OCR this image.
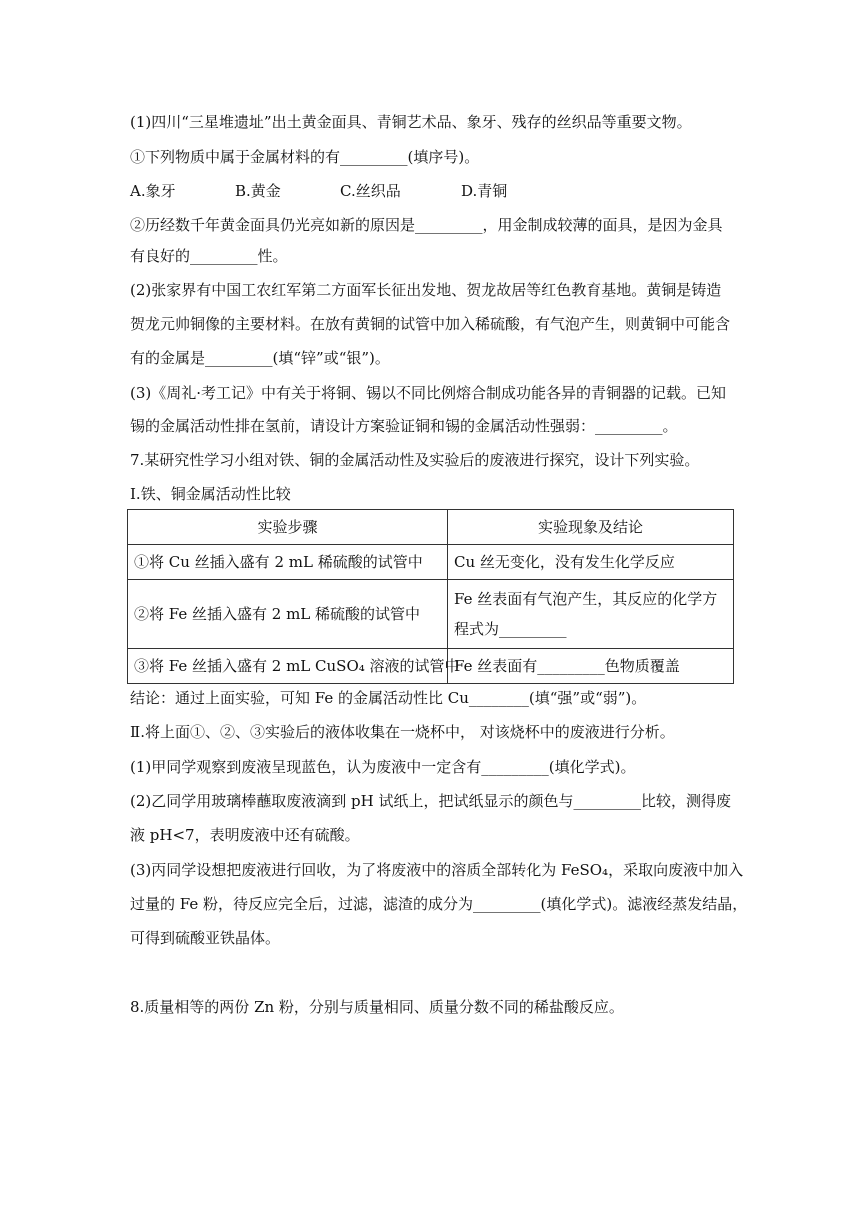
(1)四川“三星堆遗址”出土黄金面具、青铜艺术品、象牙、残存的丝织品等重要文物。
①下列物质中属于金属材料的有_________(填序号)。
A.象牙	B.黄金	C.丝织品	D.青铜
②历经数千年黄金面具仍光亮如新的原因是_________，用金制成较薄的面具，是因为金具
有良好的_________性。
(2)张家界有中国工农红军第二方面军长征出发地、贺龙故居等红色教育基地。黄铜是铸造
贺龙元帅铜像的主要材料。在放有黄铜的试管中加入稀硫酸，有气泡产生，则黄铜中可能含
有的金属是_________(填“锌”或“银”)。
(3)《周礼·考工记》中有关于将铜、锡以不同比例熔合制成功能各异的青铜器的记载。已知
锡的金属活动性排在氢前，请设计方案验证铜和锡的金属活动性强弱：_________。
7.某研究性学习小组对铁、铜的金属活动性及实验后的废液进行探究，设计下列实验。
Ⅰ.铁、铜金属活动性比较
实验步骤	实验现象及结论
①将 Cu 丝插入盛有 2 mL 稀硫酸的试管中	Cu 丝无变化，没有发生化学反应
②将 Fe 丝插入盛有 2 mL 稀硫酸的试管中	Fe 丝表面有气泡产生，其反应的化学方程式为_________
③将 Fe 丝插入盛有 2 mL CuSO₄ 溶液的试管中	Fe 丝表面有_________色物质覆盖
结论：通过上面实验，可知 Fe 的金属活动性比 Cu________(填“强”或“弱”)。
Ⅱ.将上面①、②、③实验后的液体收集在一烧杯中， 对该烧杯中的废液进行分析。
(1)甲同学观察到废液呈现蓝色，认为废液中一定含有_________(填化学式)。
(2)乙同学用玻璃棒蘸取废液滴到 pH 试纸上，把试纸显示的颜色与_________比较，测得废
液 pH<7，表明废液中还有硫酸。
(3)丙同学设想把废液进行回收，为了将废液中的溶质全部转化为 FeSO₄，采取向废液中加入
过量的 Fe 粉，待反应完全后，过滤，滤渣的成分为_________(填化学式)。滤液经蒸发结晶，
可得到硫酸亚铁晶体。
8.质量相等的两份 Zn 粉，分别与质量相同、质量分数不同的稀盐酸反应。
